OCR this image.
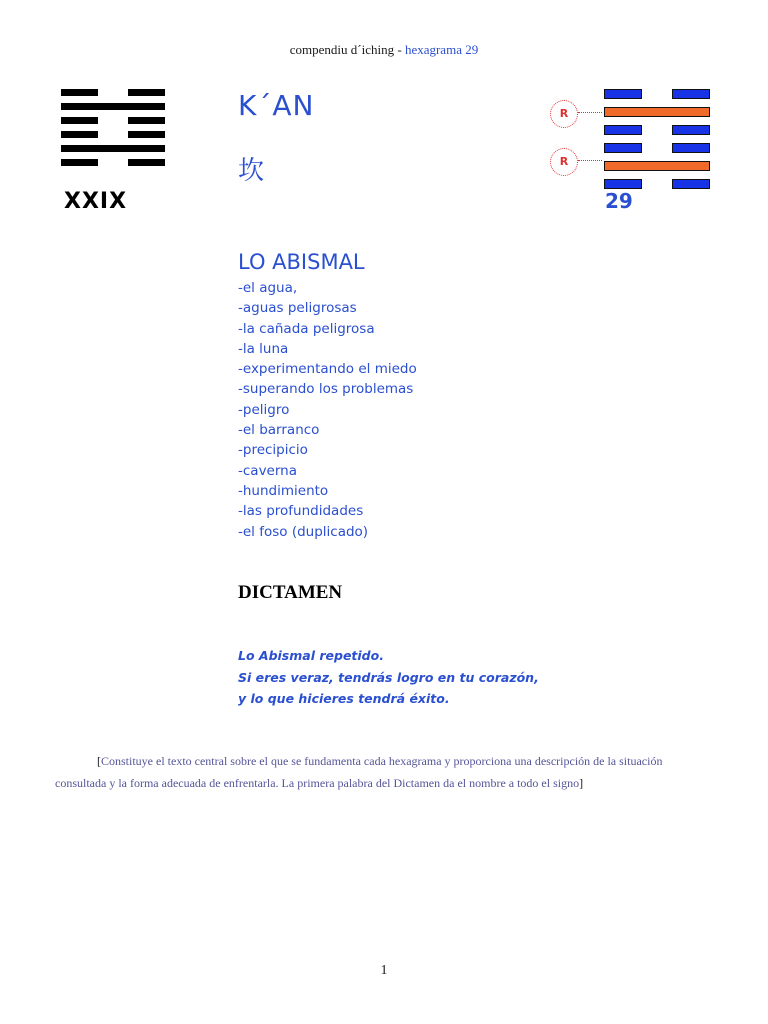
compendiu d´iching - hexagrama 29
XXIX
K´AN
坎
R
R
29
LO ABISMAL
-el agua,
-aguas peligrosas
-la cañada peligrosa
-la luna
-experimentando el miedo
-superando los problemas
-peligro
-el barranco
-precipicio
-caverna
-hundimiento
-las profundidades
-el foso (duplicado)
DICTAMEN
Lo Abismal repetido.
Si eres veraz, tendrás logro en tu corazón,
y lo que hicieres tendrá éxito.
[Constituye el texto central sobre el que se fundamenta cada hexagrama y proporciona una descripción de la situación consultada y la forma adecuada de enfrentarla. La primera palabra del Dictamen da el nombre a todo el signo]
1
